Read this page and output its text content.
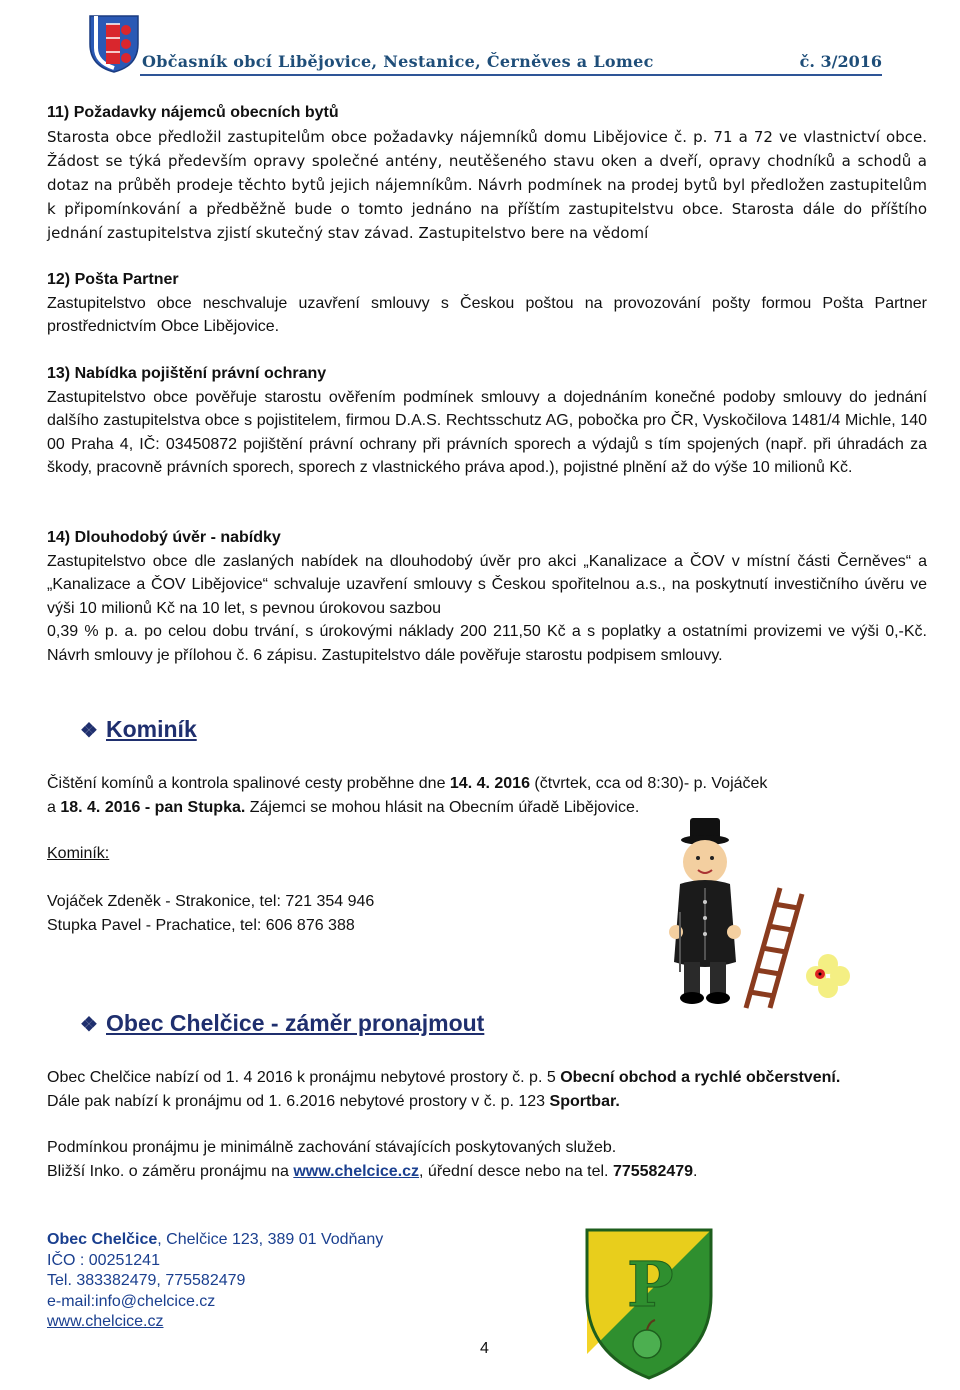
Občasník obcí Libějovice, Nestanice, Černěves a Lomec	č. 3/2016

11) Požadavky nájemců obecních bytů

Starosta obce předložil zastupitelům obce požadavky nájemníků domu Libějovice č. p. 71 a 72 ve vlastnictví obce. Žádost se týká především opravy společné antény, neutěšeného stavu oken a dveří, opravy chodníků a schodů a dotaz na průběh prodeje těchto bytů jejich nájemníkům. Návrh podmínek na prodej bytů byl předložen zastupitelům k připomínkování a předběžně bude o tomto jednáno na příštím zastupitelstvu obce. Starosta dále do příštího jednání zastupitelstva zjistí skutečný stav závad. Zastupitelstvo bere na vědomí

12) Pošta Partner

Zastupitelstvo obce neschvaluje uzavření smlouvy s Českou poštou na provozování pošty formou Pošta Partner prostřednictvím Obce Libějovice.

13) Nabídka pojištění právní ochrany

Zastupitelstvo obce pověřuje starostu ověřením podmínek smlouvy a dojednáním konečné podoby smlouvy do jednání dalšího zastupitelstva obce s pojistitelem, firmou D.A.S. Rechtsschutz AG, pobočka pro ČR, Vyskočilova 1481/4 Michle, 140 00 Praha 4, IČ: 03450872 pojištění právní ochrany při právních sporech a výdajů s tím spojených (např. při úhradách za škody, pracovně právních sporech, sporech z vlastnického práva apod.), pojistné plnění až do výše 10 milionů Kč.

14) Dlouhodobý úvěr - nabídky

Zastupitelstvo obce dle zaslaných nabídek na dlouhodobý úvěr pro akci „Kanalizace a ČOV v místní části Černěves“ a „Kanalizace a ČOV Libějovice“ schvaluje uzavření smlouvy s Českou spořitelnou a.s., na poskytnutí investičního úvěru ve výši 10 milionů Kč na 10 let, s pevnou úrokovou sazbou

0,39 % p. a. po celou dobu trvání, s úrokovými náklady 200 211,50 Kč a s poplatky a ostatními provizemi ve výši 0,-Kč. Návrh smlouvy je přílohou č. 6 zápisu. Zastupitelstvo dále pověřuje starostu podpisem smlouvy.

❖ Kominík

Čištění komínů a kontrola spalinové cesty proběhne dne 14. 4. 2016 (čtvrtek, cca od 8:30)- p. Vojáček

a 18. 4. 2016 - pan Stupka. Zájemci se mohou hlásit na Obecním úřadě Libějovice.

Kominík:
Vojáček Zdeněk - Strakonice, tel: 721 354 946
Stupka Pavel - Prachatice, tel: 606 876 388
❖ Obec Chelčice - záměr pronajmout

Obec Chelčice nabízí od 1. 4 2016 k pronájmu nebytové prostory č. p. 5 Obecní obchod a rychlé občerstvení.

Dále pak nabízí k pronájmu od 1. 6.2016 nebytové prostory v č. p. 123 Sportbar.

Podmínkou pronájmu je minimálně zachování stávajících poskytovaných služeb.

Bližší Inko. o záměru pronájmu na www.chelcice.cz, úřední desce nebo na tel. 775582479.

Obec Chelčice, Chelčice 123, 389 01 Vodňany
IČO : 00251241
Tel. 383382479, 775582479
e-mail:info@chelcice.cz
www.chelcice.cz
P
4
